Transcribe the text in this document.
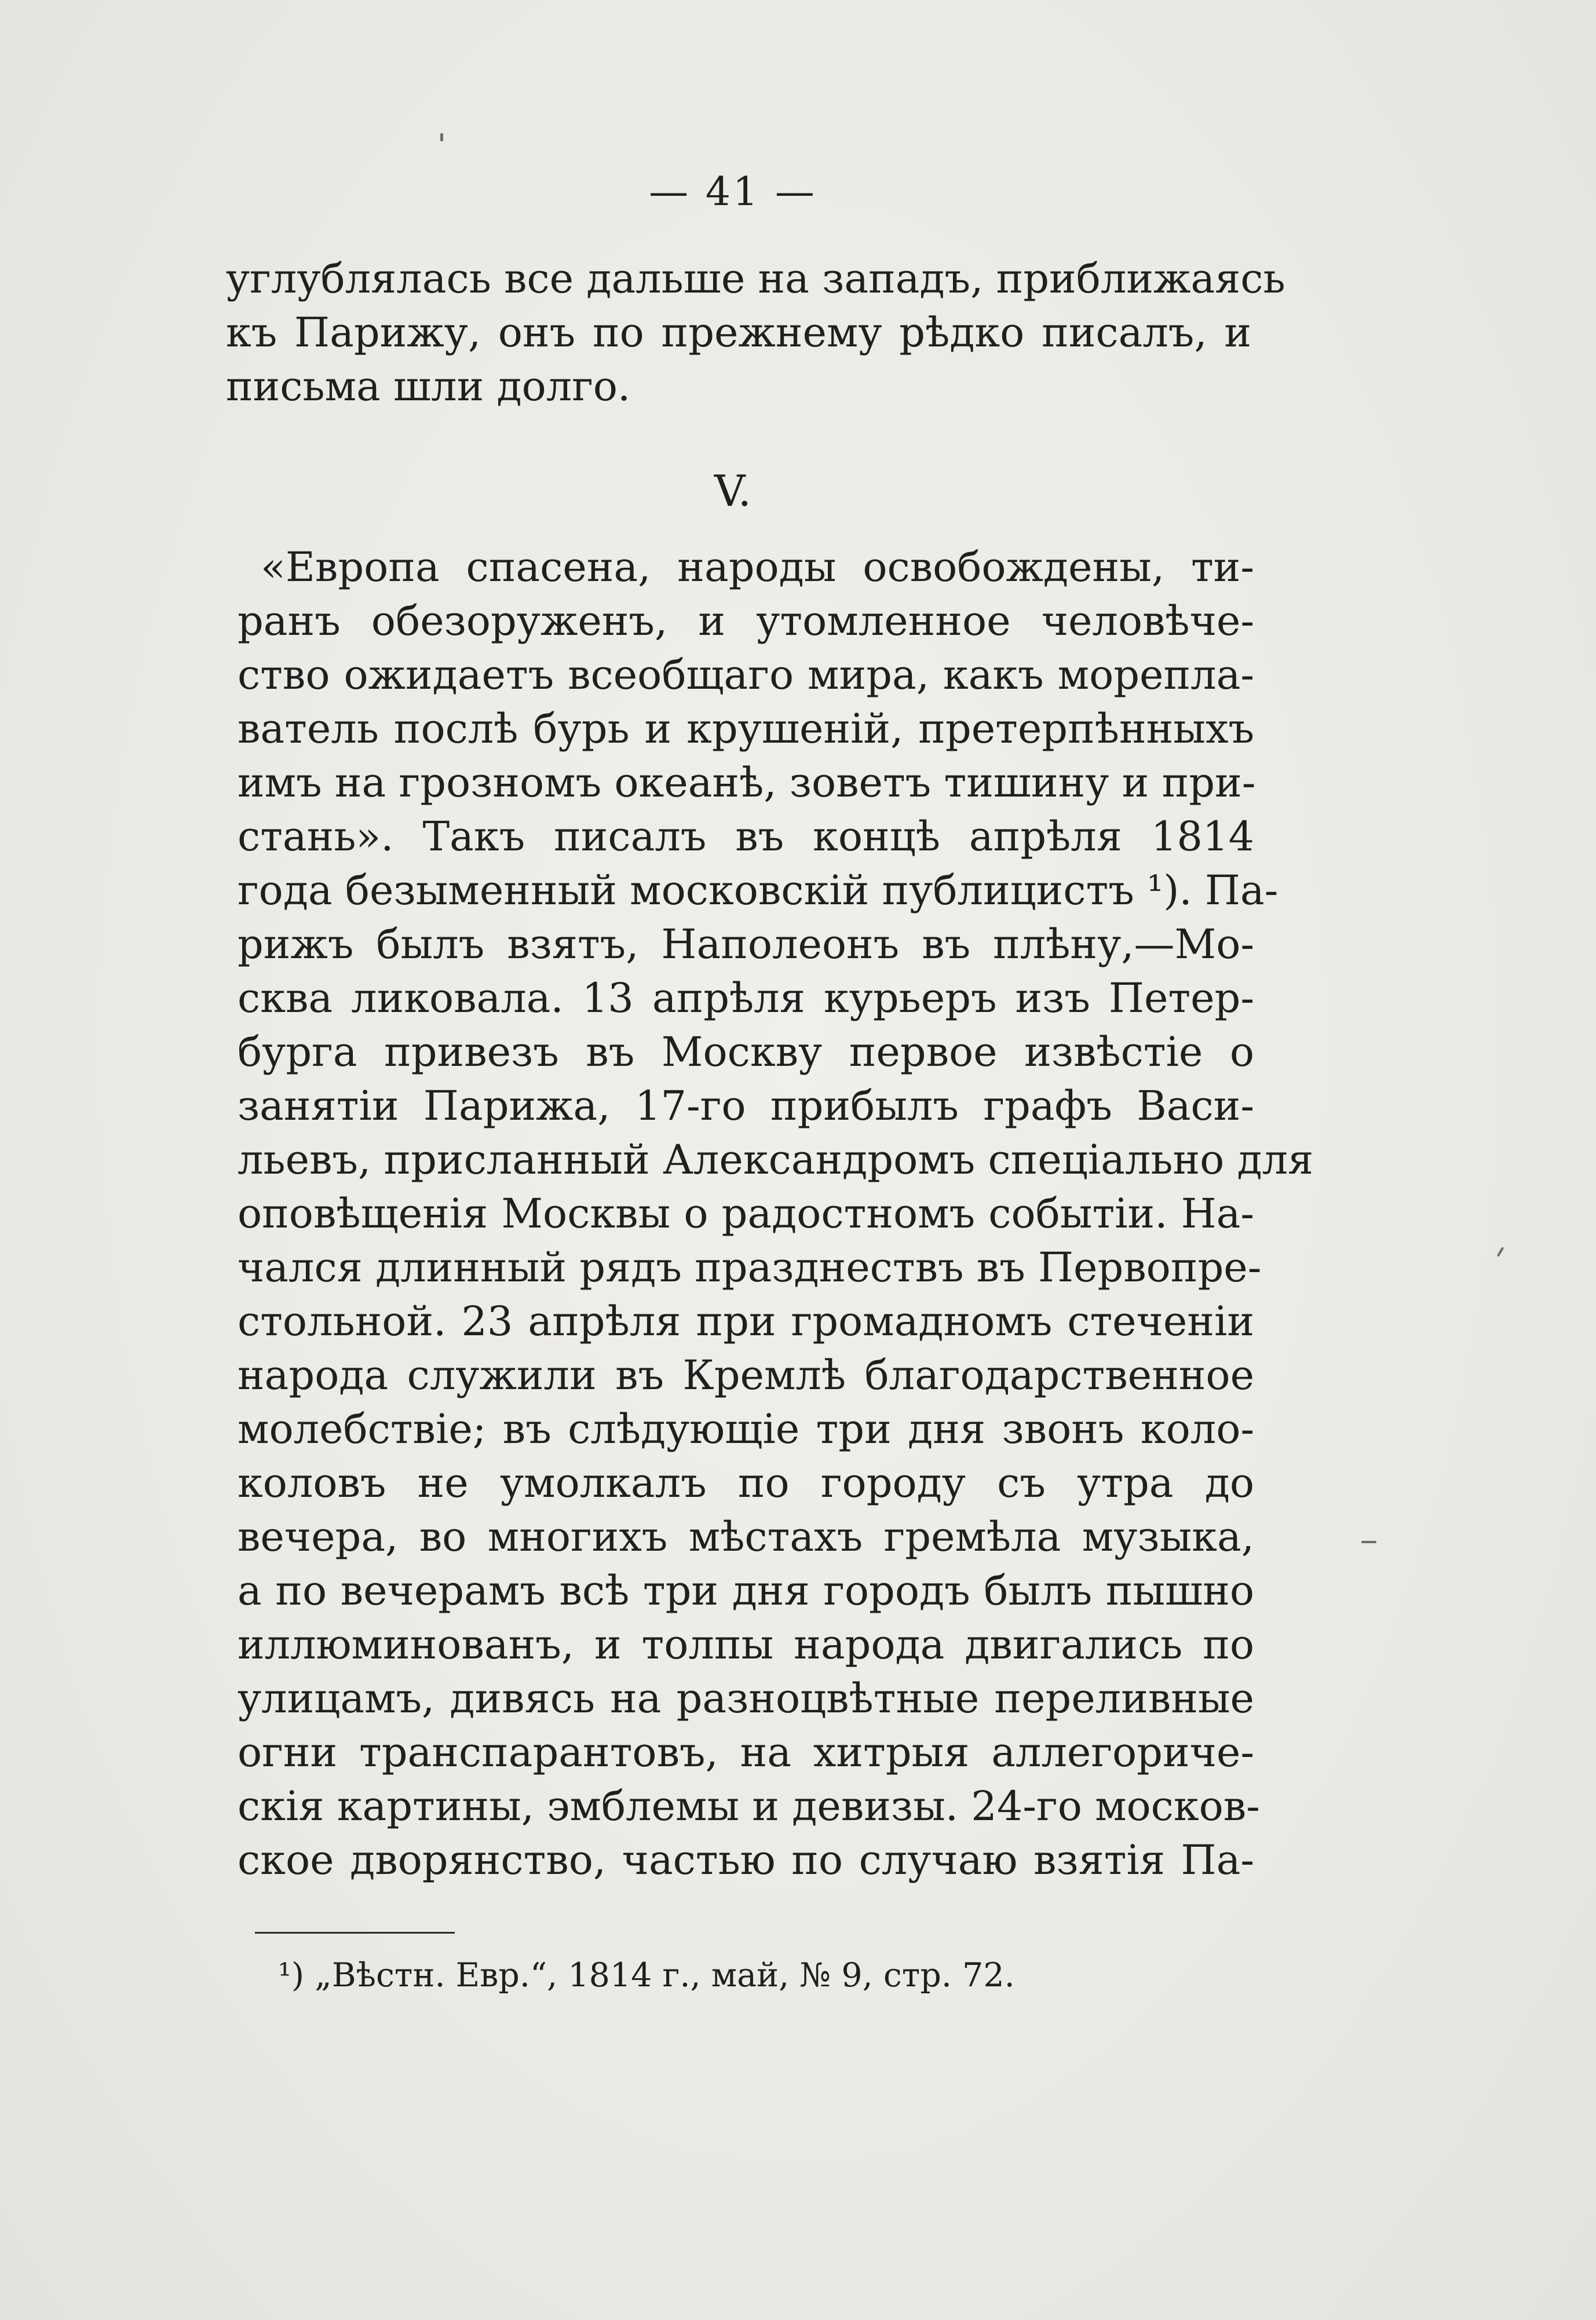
— 41 —
углублялась все дальше на западъ, приближаясь
къ Парижу, онъ по прежнему рѣдко писалъ, и
письма шли долго.
V.
«Европа спасена, народы освобождены, ти-
ранъ обезоруженъ, и утомленное человѣче-
ство ожидаетъ всеобщаго мира, какъ морепла-
ватель послѣ бурь и крушеній, претерпѣнныхъ
имъ на грозномъ океанѣ, зоветъ тишину и при-
стань». Такъ писалъ въ концѣ апрѣля 1814
года безыменный московскій публицистъ ¹). Па-
рижъ былъ взятъ, Наполеонъ въ плѣну,—Мо-
сква ликовала. 13 апрѣля курьеръ изъ Петер-
бурга привезъ въ Москву первое извѣстіе о
занятіи Парижа, 17-го прибылъ графъ Васи-
льевъ, присланный Александромъ спеціально для
оповѣщенія Москвы о радостномъ событіи. На-
чался длинный рядъ празднествъ въ Первопре-
стольной. 23 апрѣля при громадномъ стеченіи
народа служили въ Кремлѣ благодарственное
молебствіе; въ слѣдующіе три дня звонъ коло-
коловъ не умолкалъ по городу съ утра до
вечера, во многихъ мѣстахъ гремѣла музыка,
а по вечерамъ всѣ три дня городъ былъ пышно
иллюминованъ, и толпы народа двигались по
улицамъ, дивясь на разноцвѣтные переливные
огни транспарантовъ, на хитрыя аллегориче-
скія картины, эмблемы и девизы. 24-го москов-
ское дворянство, частью по случаю взятія Па-
¹) „Вѣстн. Евр.“, 1814 г., май, № 9, стр. 72.
